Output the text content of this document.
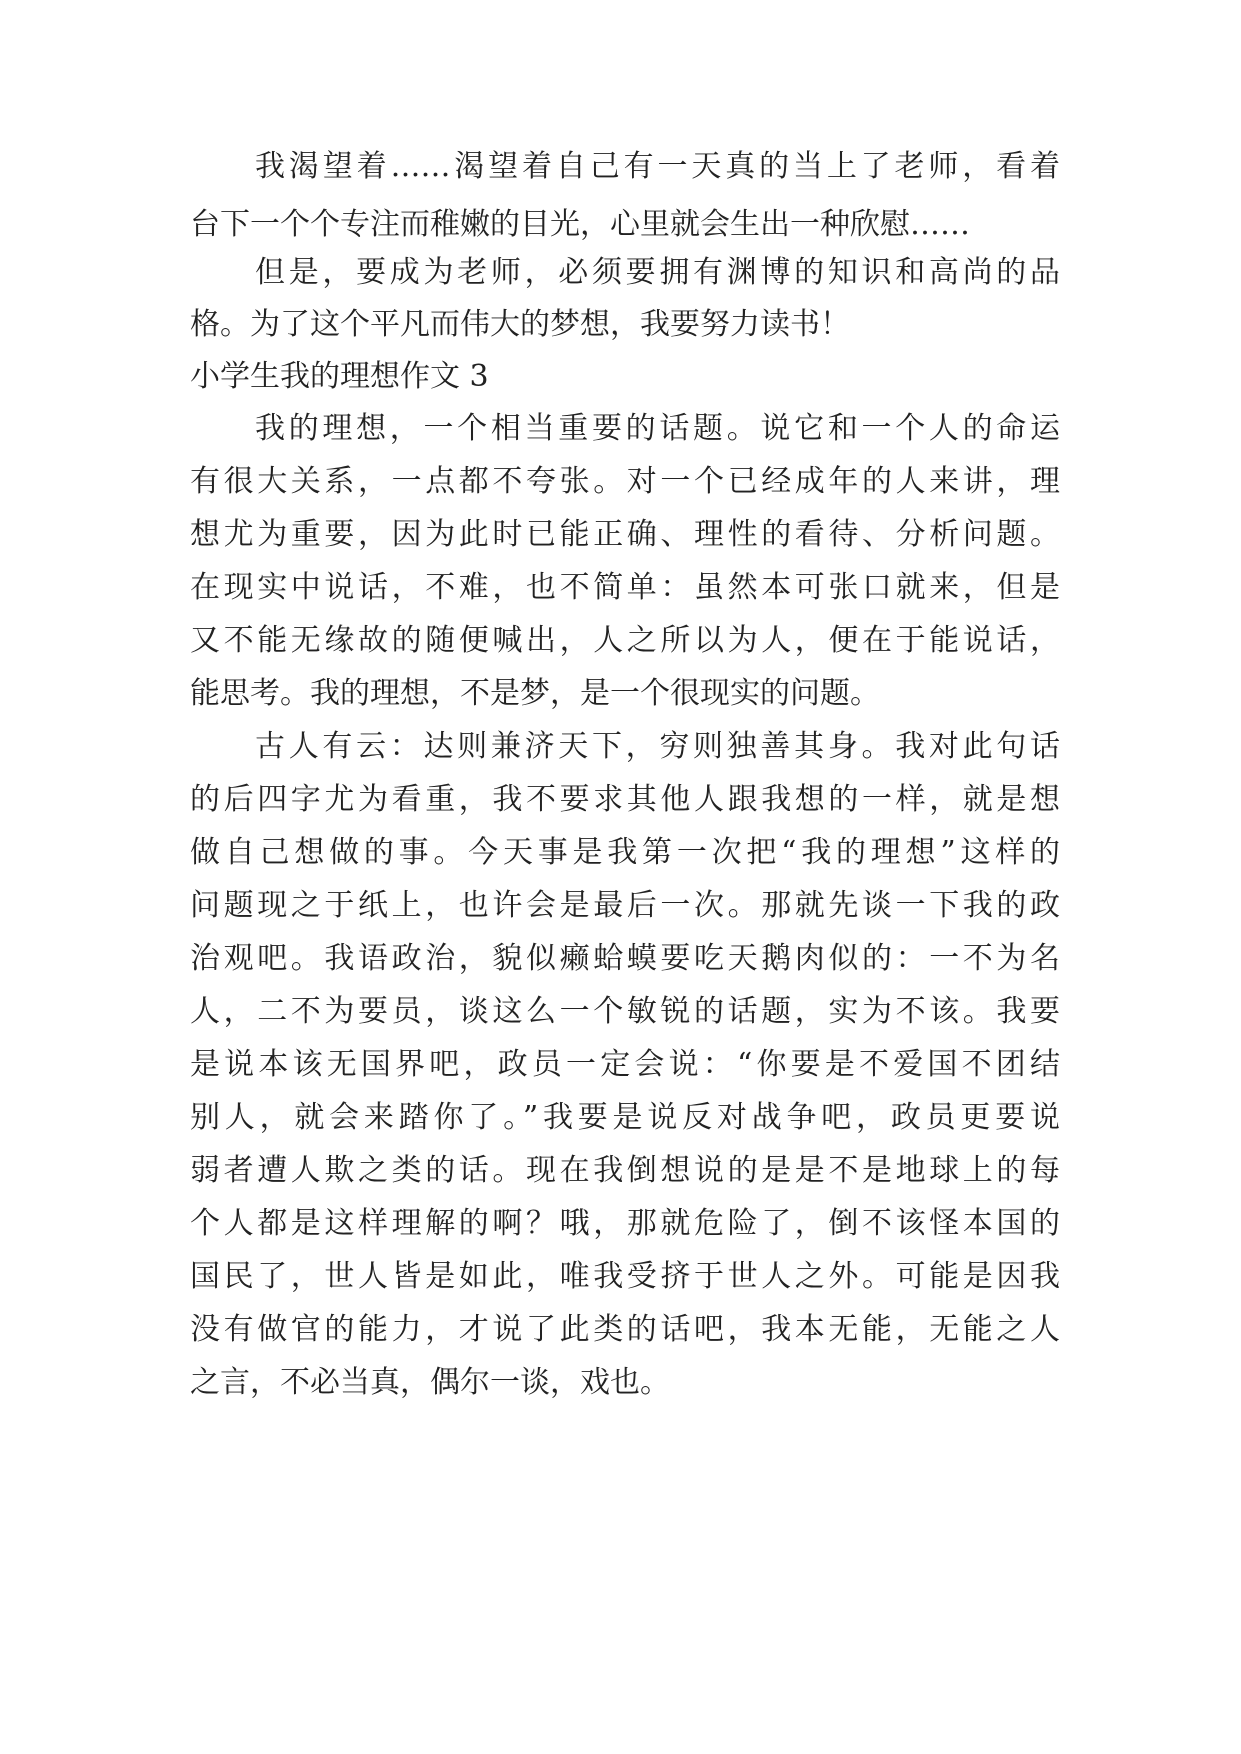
我渴望着……渴望着自己有一天真的当上了老师，看着
台下一个个专注而稚嫩的目光，心里就会生出一种欣慰……
但是，要成为老师，必须要拥有渊博的知识和高尚的品
格。为了这个平凡而伟大的梦想，我要努力读书！
小学生我的理想作文 3
我的理想，一个相当重要的话题。说它和一个人的命运
有很大关系，一点都不夸张。对一个已经成年的人来讲，理
想尤为重要，因为此时已能正确、理性的看待、分析问题。
在现实中说话，不难，也不简单：虽然本可张口就来，但是
又不能无缘故的随便喊出，人之所以为人，便在于能说话，
能思考。我的理想，不是梦，是一个很现实的问题。
古人有云：达则兼济天下，穷则独善其身。我对此句话
的后四字尤为看重，我不要求其他人跟我想的一样，就是想
做自己想做的事。今天事是我第一次把“我的理想”这样的
问题现之于纸上，也许会是最后一次。那就先谈一下我的政
治观吧。我语政治，貌似癞蛤蟆要吃天鹅肉似的：一不为名
人，二不为要员，谈这么一个敏锐的话题，实为不该。我要
是说本该无国界吧，政员一定会说：“你要是不爱国不团结
别人，就会来踏你了。”我要是说反对战争吧，政员更要说
弱者遭人欺之类的话。现在我倒想说的是是不是地球上的每
个人都是这样理解的啊？哦，那就危险了，倒不该怪本国的
国民了，世人皆是如此，唯我受挤于世人之外。可能是因我
没有做官的能力，才说了此类的话吧，我本无能，无能之人
之言，不必当真，偶尔一谈，戏也。
